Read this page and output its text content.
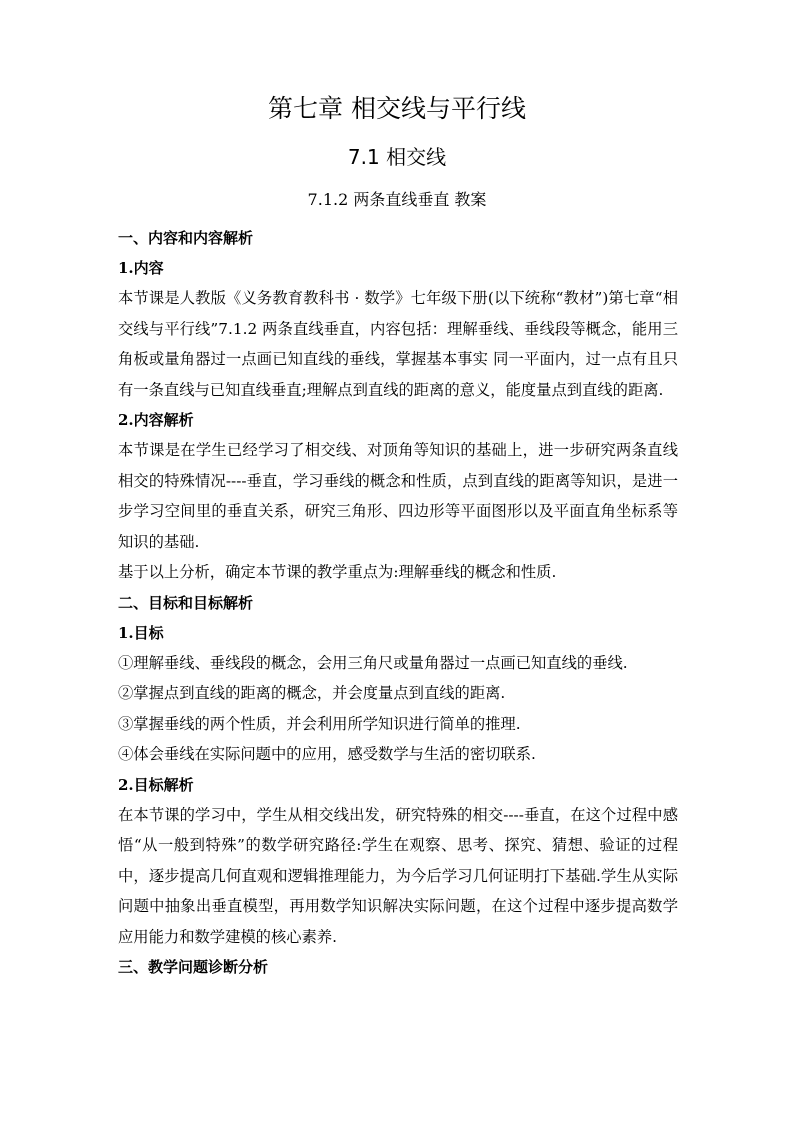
第七章 相交线与平行线
7.1 相交线
7.1.2 两条直线垂直 教案

一、内容和内容解析

1.内容

本节课是人教版《义务教育教科书 · 数学》七年级下册(以下统称“教材”)第七章“相交线与平行线”7.1.2 两条直线垂直，内容包括：理解垂线、垂线段等概念，能用三角板或量角器过一点画已知直线的垂线，掌握基本事实 同一平面内，过一点有且只有一条直线与已知直线垂直;理解点到直线的距离的意义，能度量点到直线的距离.

2.内容解析

本节课是在学生已经学习了相交线、对顶角等知识的基础上，进一步研究两条直线相交的特殊情况----垂直，学习垂线的概念和性质，点到直线的距离等知识，是进一步学习空间里的垂直关系，研究三角形、四边形等平面图形以及平面直角坐标系等知识的基础.

基于以上分析，确定本节课的教学重点为:理解垂线的概念和性质.

二、目标和目标解析

1.目标

①理解垂线、垂线段的概念，会用三角尺或量角器过一点画已知直线的垂线.

②掌握点到直线的距离的概念，并会度量点到直线的距离.

③掌握垂线的两个性质，并会利用所学知识进行简单的推理.

④体会垂线在实际问题中的应用，感受数学与生活的密切联系.

2.目标解析

在本节课的学习中，学生从相交线出发，研究特殊的相交----垂直，在这个过程中感悟“从一般到特殊”的数学研究路径:学生在观察、思考、探究、猜想、验证的过程中，逐步提高几何直观和逻辑推理能力，为今后学习几何证明打下基础.学生从实际问题中抽象出垂直模型，再用数学知识解决实际问题，在这个过程中逐步提高数学应用能力和数学建模的核心素养.

三、教学问题诊断分析
